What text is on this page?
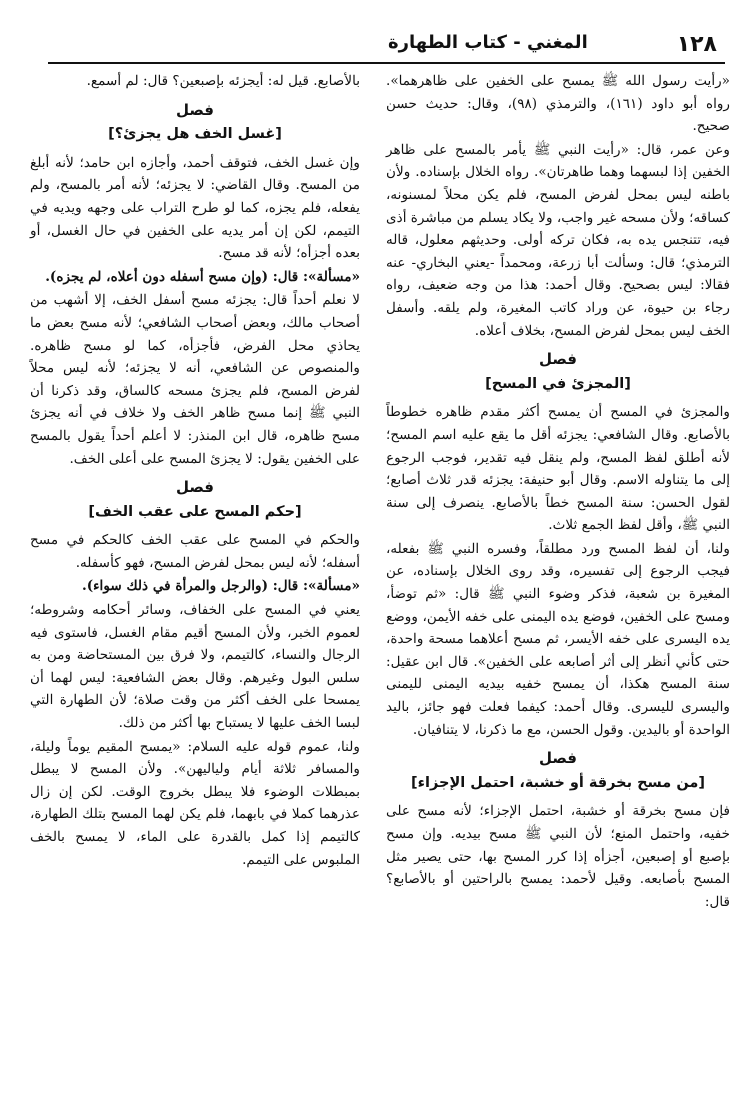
١٢٨
المغني - كتاب الطهارة

«رأيت رسول الله ﷺ يمسح على الخفين على ظاهرهما». رواه أبو داود (١٦١)، والترمذي (٩٨)، وقال: حديث حسن صحيح.

وعن عمر، قال: «رأيت النبي ﷺ يأمر بالمسح على ظاهر الخفين إذا لبسهما وهما طاهرتان». رواه الخلال بإسناده. ولأن باطنه ليس بمحل لفرض المسح، فلم يكن محلاً لمسنونه، كساقه؛ ولأن مسحه غير واجب، ولا يكاد يسلم من مباشرة أذى فيه، تتنجس يده به، فكان تركه أولى. وحديثهم معلول، قاله الترمذي؛ قال: وسألت أبا زرعة، ومحمداً -يعني البخاري- عنه فقالا: ليس بصحيح. وقال أحمد: هذا من وجه ضعيف، رواه رجاء بن حيوة، عن وراد كاتب المغيرة، ولم يلقه. وأسفل الخف ليس بمحل لفرض المسح، بخلاف أعلاه.

فصل

[المجزئ في المسح]

والمجزئ في المسح أن يمسح أكثر مقدم ظاهره خطوطاً بالأصابع. وقال الشافعي: يجزئه أقل ما يقع عليه اسم المسح؛ لأنه أطلق لفظ المسح، ولم ينقل فيه تقدير، فوجب الرجوع إلى ما يتناوله الاسم. وقال أبو حنيفة: يجزئه قدر ثلاث أصابع؛ لقول الحسن: سنة المسح خطاً بالأصابع. ينصرف إلى سنة النبي ﷺ، وأقل لفظ الجمع ثلاث.

ولنا، أن لفظ المسح ورد مطلقاً، وفسره النبي ﷺ بفعله، فيجب الرجوع إلى تفسيره، وقد روى الخلال بإسناده، عن المغيرة بن شعبة، فذكر وضوء النبي ﷺ قال: «ثم توضأ، ومسح على الخفين، فوضع يده اليمنى على خفه الأيمن، ووضع يده اليسرى على خفه الأيسر، ثم مسح أعلاهما مسحة واحدة، حتى كأني أنظر إلى أثر أصابعه على الخفين». قال ابن عقيل: سنة المسح هكذا، أن يمسح خفيه بيديه اليمنى لليمنى واليسرى لليسرى. وقال أحمد: كيفما فعلت فهو جائز، باليد الواحدة أو باليدين. وقول الحسن، مع ما ذكرنا، لا يتنافيان.

فصل

[من مسح بخرقة أو خشبة، احتمل الإجزاء]

فإن مسح بخرقة أو خشبة، احتمل الإجزاء؛ لأنه مسح على خفيه، واحتمل المنع؛ لأن النبي ﷺ مسح بيديه. وإن مسح بإصبع أو إصبعين، أجزأه إذا كرر المسح بها، حتى يصير مثل المسح بأصابعه. وقيل لأحمد: يمسح بالراحتين أو بالأصابع؟ قال:

بالأصابع. قيل له: أيجزئه بإصبعين؟ قال: لم أسمع.

فصل

[غسل الخف هل يجزئ؟]

وإن غسل الخف، فتوقف أحمد، وأجازه ابن حامد؛ لأنه أبلغ من المسح. وقال القاضي: لا يجزئه؛ لأنه أمر بالمسح، ولم يفعله، فلم يجزه، كما لو طرح التراب على وجهه ويديه في التيمم، لكن إن أمر يديه على الخفين في حال الغسل، أو بعده أجزأه؛ لأنه قد مسح.

«مسألة»: قال: (وإن مسح أسفله دون أعلاه، لم يجزه).

لا نعلم أحداً قال: يجزئه مسح أسفل الخف، إلا أشهب من أصحاب مالك، وبعض أصحاب الشافعي؛ لأنه مسح بعض ما يحاذي محل الفرض، فأجزأه، كما لو مسح ظاهره. والمنصوص عن الشافعي، أنه لا يجزئه؛ لأنه ليس محلاً لفرض المسح، فلم يجزئ مسحه كالساق، وقد ذكرنا أن النبي ﷺ إنما مسح ظاهر الخف ولا خلاف في أنه يجزئ مسح ظاهره، قال ابن المنذر: لا أعلم أحداً يقول بالمسح على الخفين يقول: لا يجزئ المسح على أعلى الخف.

فصل

[حكم المسح على عقب الخف]

والحكم في المسح على عقب الخف كالحكم في مسح أسفله؛ لأنه ليس بمحل لفرض المسح، فهو كأسفله.

«مسألة»: قال: (والرجل والمرأة في ذلك سواء).

يعني في المسح على الخفاف، وسائر أحكامه وشروطه؛ لعموم الخبر، ولأن المسح أقيم مقام الغسل، فاستوى فيه الرجال والنساء، كالتيمم، ولا فرق بين المستحاضة ومن به سلس البول وغيرهم. وقال بعض الشافعية: ليس لهما أن يمسحا على الخف أكثر من وقت صلاة؛ لأن الطهارة التي لبسا الخف عليها لا يستباح بها أكثر من ذلك.

ولنا، عموم قوله عليه السلام: «يمسح المقيم يوماً وليلة، والمسافر ثلاثة أيام ولياليهن». ولأن المسح لا يبطل بمبطلات الوضوء فلا يبطل بخروج الوقت. لكن إن زال عذرهما كملا في بابهما، فلم يكن لهما المسح بتلك الطهارة، كالتيمم إذا كمل بالقدرة على الماء، لا يمسح بالخف الملبوس على التيمم.
